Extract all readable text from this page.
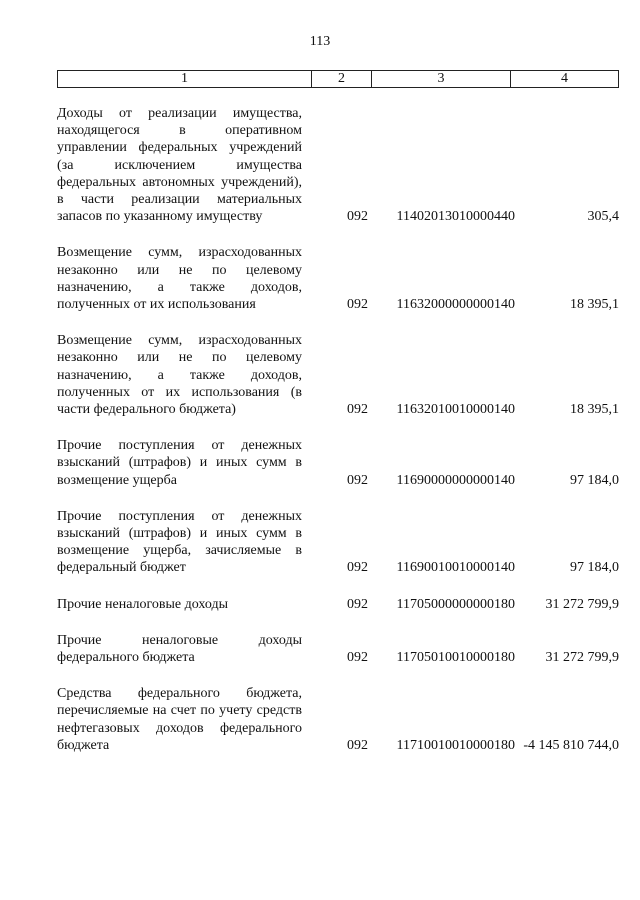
113
1	2	3	4
Доходы от реализации имущества, находящегося в оперативном управлении федеральных учреждений (за исключением имущества федеральных автономных учреждений), в части реализации материальных запасов по указанному имуществу	092	11402013010000440	305,4
Возмещение сумм, израсходованных незаконно или не по целевому назначению, а также доходов, полученных от их использования	092	11632000000000140	18 395,1
Возмещение сумм, израсходованных незаконно или не по целевому назначению, а также доходов, полученных от их использования (в части федерального бюджета)	092	11632010010000140	18 395,1
Прочие поступления от денежных взысканий (штрафов) и иных сумм в возмещение ущерба	092	11690000000000140	97 184,0
Прочие поступления от денежных взысканий (штрафов) и иных сумм в возмещение ущерба, зачисляемые в федеральный бюджет	092	11690010010000140	97 184,0
Прочие неналоговые доходы	092	11705000000000180	31 272 799,9
Прочие неналоговые доходы федерального бюджета	092	11705010010000180	31 272 799,9
Средства федерального бюджета, перечисляемые на счет по учету средств нефтегазовых доходов федерального бюджета	092	11710010010000180 -4 145 810 744,0
